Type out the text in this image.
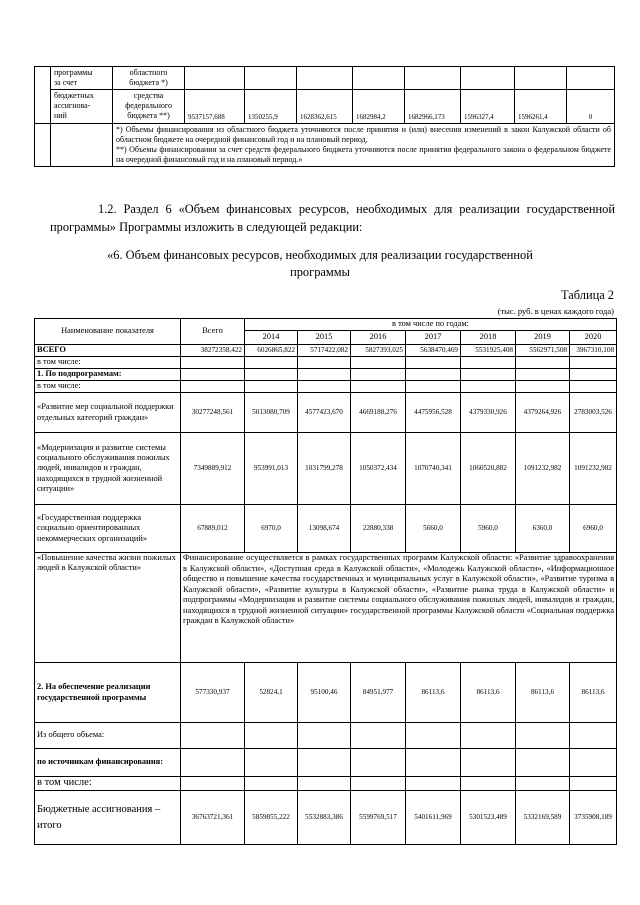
	программы
за счет	областного
бюджета *)								
	бюджетных
ассигнова-
ний	средства
федерального
бюджета **)	9537157,688	1350255,9	1628362,615	1682984,2	1682966,173	1596327,4	1596261,4	0

		*) Объемы финансирования из областного бюджета уточняются после принятия и (или) внесения изменений в закон Калужской области об областном бюджете на очередной финансовый год и на плановый период.
**) Объемы финансирования за счет средств федерального бюджета уточняются после принятия федерального закона о федеральном бюджете на очередной финансовый год и на плановый период.»								
1.2. Раздел 6 «Объем финансовых ресурсов, необходимых для реализации государственной программы» Программы изложить в следующей редакции:
«6. Объем финансовых ресурсов, необходимых для реализации государственной программы
Таблица 2
(тыс. руб. в ценах каждого года)
Наименование показателя	Всего	в том числе по годам:						
		2014	2015	2016	2017	2018	2019	2020
ВСЕГО	38272358,422	6026865,822	5717422,082	5827393,025	5638470,469	5531925,408	5562971,508	3967310,108
в том числе:								
1. По подпрограммам:								
в том числе:								
«Развитие мер социальной поддержки отдельных категорий граждан»	30277248,561	5013080,709	4577423,670	4669188,276	4475956,528	4379330,926	4379264,926	2783003,526
«Модернизация и развитие системы социального обслуживания пожилых людей, инвалидов и граждан, находящихся в трудной жизненной ситуации»	7349889,912	953991,013	1031799,278	1050372,434	1070740,341	1060520,882	1091232,982	1091232,982
«Государственная поддержка социально ориентированных некоммерческих организаций»	67889,012	6970,0	13098,674	22880,338	5660,0	5960,0	6360,0	6960,0
«Повышение качества жизни пожилых людей в Калужской области»	Финансирование осуществляется в рамках государственных программ Калужской области: «Развитие здравоохранения в Калужской области», «Доступная среда в Калужской области», «Молодежь Калужской области», «Информационное общество и повышение качества государственных и муниципальных услуг в Калужской области», «Развитие туризма в Калужской области», «Развитие культуры в Калужской области», «Развитие рынка труда в Калужской области» и подпрограммы «Модернизация и развитие системы социального обслуживания пожилых людей, инвалидов и граждан, находящихся в трудной жизненной ситуации» государственной программы Калужской области «Социальная поддержка граждан в Калужской области»							
2. На обеспечение реализации государственной программы	577330,937	52824,1	95100,46	84951,977	86113,6	86113,6	86113,6	86113,6
Из общего объема:								
по источникам финансирования:								
в том числе:								
Бюджетные ассигнования – итого	36763721,361	5859855,222	5532883,386	5599769,517	5401611,969	5301523,489	5332169,589	3735908,189
